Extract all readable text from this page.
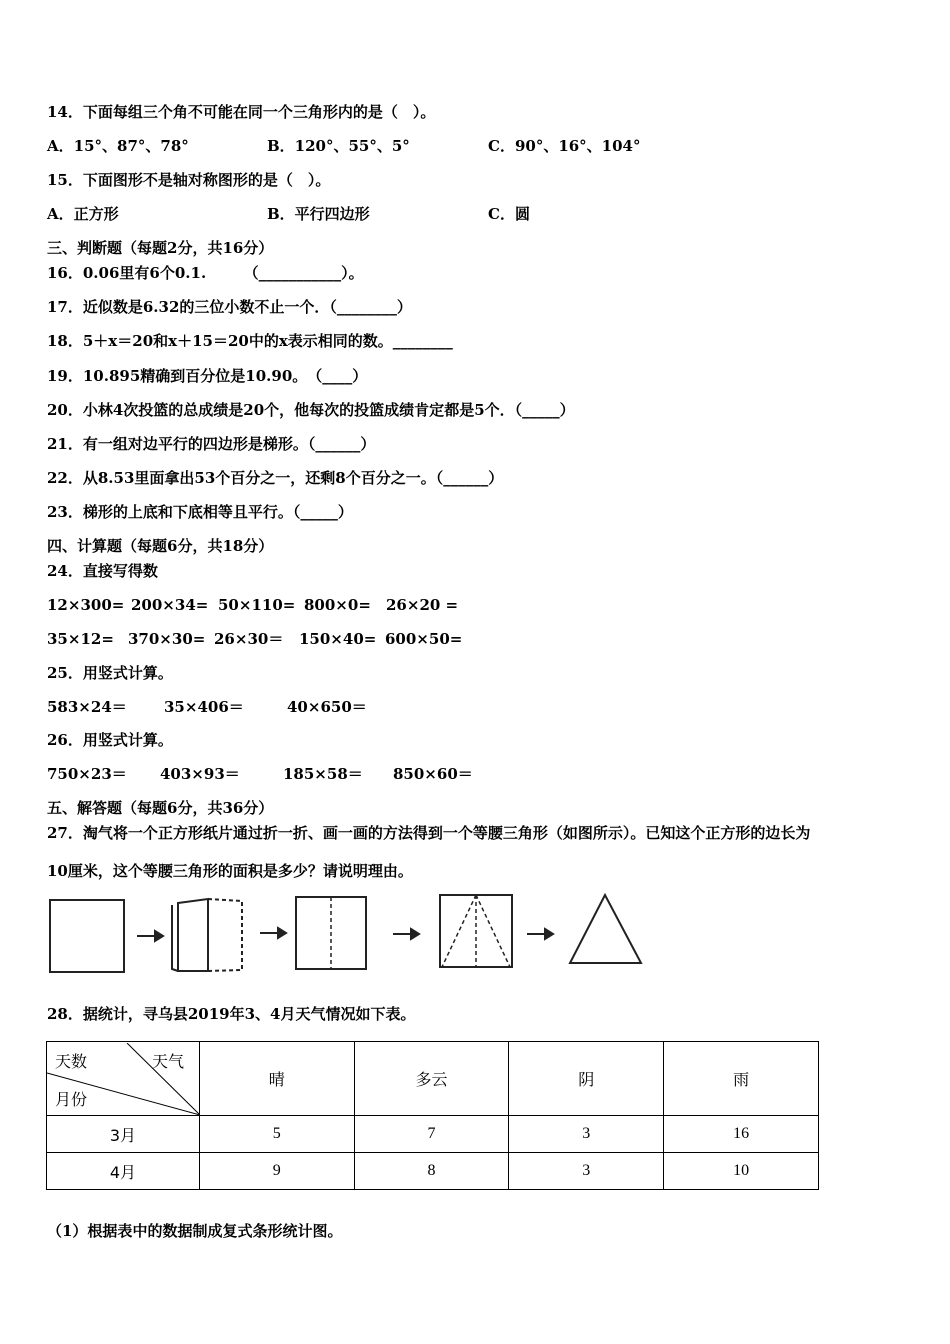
14．下面每组三个角不可能在同一个三角形内的是（　）。
A．15°、87°、78°	B．120°、55°、5°	C．90°、16°、104°
15．下面图形不是轴对称图形的是（　）。
A．正方形	B．平行四边形	C．圆
三、判断题（每题2分，共16分）
16．0.06里有6个0.1.　　　（___________）。
17．近似数是6.32的三位小数不止一个．（________）
18．5＋x＝20和x＋15＝20中的x表示相同的数。________
19．10.895精确到百分位是10.90。　（____）
20．小林4次投篮的总成绩是20个，他每次的投篮成绩肯定都是5个．（_____）
21．有一组对边平行的四边形是梯形。（______）
22．从8.53里面拿出53个百分之一，还剩8个百分之一。（______）
23．梯形的上底和下底相等且平行。（_____）
四、计算题（每题6分，共18分）
24．直接写得数
12×300= 200×34= 50×110= 800×0= 26×20 =
35×12= 370×30= 26×30＝ 150×40= 600×50=
25．用竖式计算。
583×24＝ 35×406＝	40×650＝
26．用竖式计算。
750×23＝ 403×93＝	185×58＝ 850×60＝
五、解答题（每题6分，共36分）
27．淘气将一个正方形纸片通过折一折、画一画的方法得到一个等腰三角形（如图所示）。已知这个正方形的边长为
10厘米，这个等腰三角形的面积是多少？请说明理由。
28．据统计，寻乌县2019年3、4月天气情况如下表。
天数 天气
月份	晴	多云	阴	雨
3月	5	7	3	16
4月	9	8	3	10
（1）根据表中的数据制成复式条形统计图。
